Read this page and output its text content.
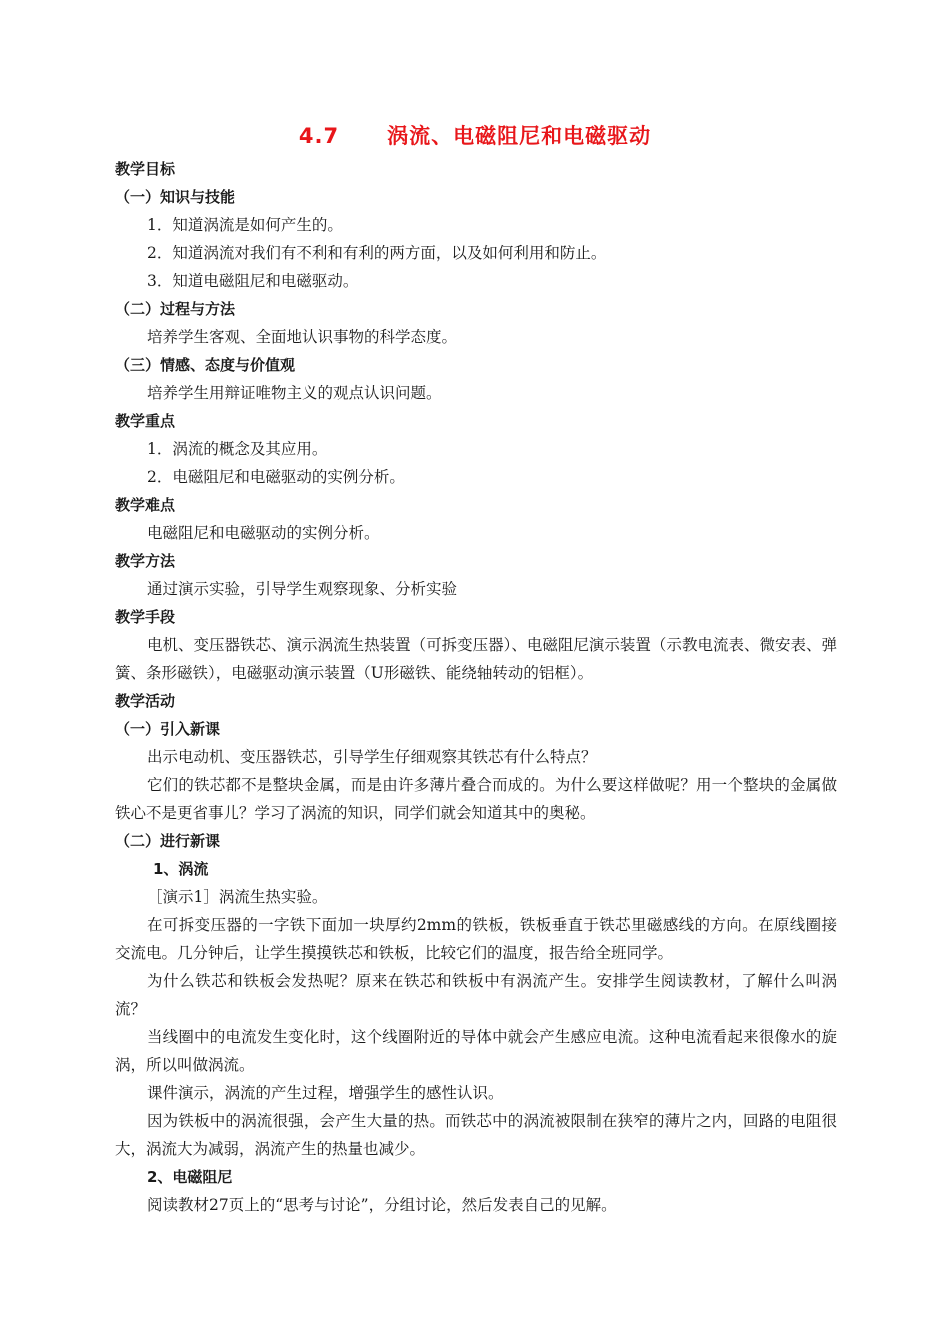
4.7 涡流、电磁阻尼和电磁驱动
教学目标
（一）知识与技能
1．知道涡流是如何产生的。
2．知道涡流对我们有不利和有利的两方面，以及如何利用和防止。
3．知道电磁阻尼和电磁驱动。
（二）过程与方法
培养学生客观、全面地认识事物的科学态度。
（三）情感、态度与价值观
培养学生用辩证唯物主义的观点认识问题。
教学重点
1．涡流的概念及其应用。
2．电磁阻尼和电磁驱动的实例分析。
教学难点
电磁阻尼和电磁驱动的实例分析。
教学方法
通过演示实验，引导学生观察现象、分析实验
教学手段
电机、变压器铁芯、演示涡流生热装置（可拆变压器）、电磁阻尼演示装置（示教电流表、微安表、弹簧、条形磁铁），电磁驱动演示装置（U形磁铁、能绕轴转动的铝框）。
教学活动
（一）引入新课
出示电动机、变压器铁芯，引导学生仔细观察其铁芯有什么特点？
它们的铁芯都不是整块金属，而是由许多薄片叠合而成的。为什么要这样做呢？用一个整块的金属做铁心不是更省事儿？学习了涡流的知识，同学们就会知道其中的奥秘。
（二）进行新课
1、涡流
［演示1］涡流生热实验。
在可拆变压器的一字铁下面加一块厚约2mm的铁板，铁板垂直于铁芯里磁感线的方向。在原线圈接交流电。几分钟后，让学生摸摸铁芯和铁板，比较它们的温度，报告给全班同学。
为什么铁芯和铁板会发热呢？原来在铁芯和铁板中有涡流产生。安排学生阅读教材，了解什么叫涡流？
当线圈中的电流发生变化时，这个线圈附近的导体中就会产生感应电流。这种电流看起来很像水的旋涡，所以叫做涡流。
课件演示，涡流的产生过程，增强学生的感性认识。
因为铁板中的涡流很强，会产生大量的热。而铁芯中的涡流被限制在狭窄的薄片之内，回路的电阻很大，涡流大为减弱，涡流产生的热量也减少。
2、电磁阻尼
阅读教材27页上的“思考与讨论”，分组讨论，然后发表自己的见解。
